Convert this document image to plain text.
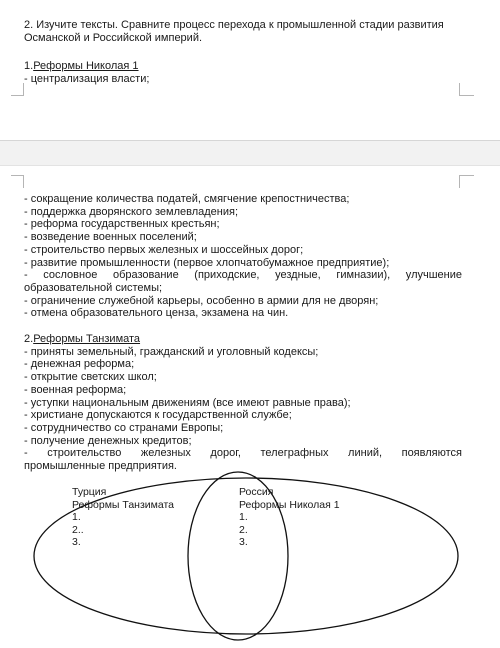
2. Изучите тексты. Сравните процесс перехода к промышленной стадии развития
Османской и Российской империй.
1.Реформы Николая 1
- централизация власти;
- сокращение количества податей, смягчение крепостничества;
- поддержка дворянского землевладения;
- реформа государственных крестьян;
- возведение военных поселений;
- строительство первых железных и шоссейных дорог;
- развитие промышленности (первое хлопчатобумажное предприятие);
- сословное образование (приходские, уездные, гимназии), улучшение
образовательной системы;
- ограничение служебной карьеры, особенно в армии для не дворян;
- отмена образовательного ценза, экзамена на чин.
2.Реформы Танзимата
- приняты земельный, гражданский и уголовный кодексы;
- денежная реформа;
- открытие светских школ;
- военная реформа;
- уступки национальным движениям (все имеют равные права);
- христиане допускаются к государственной службе;
- сотрудничество со странами Европы;
- получение денежных кредитов;
- строительство железных дорог, телеграфных линий, появляются
промышленные предприятия.
Турция
Реформы Танзимата
1.
2..
3.
Россия
Реформы Николая 1
1.
2.
3.
